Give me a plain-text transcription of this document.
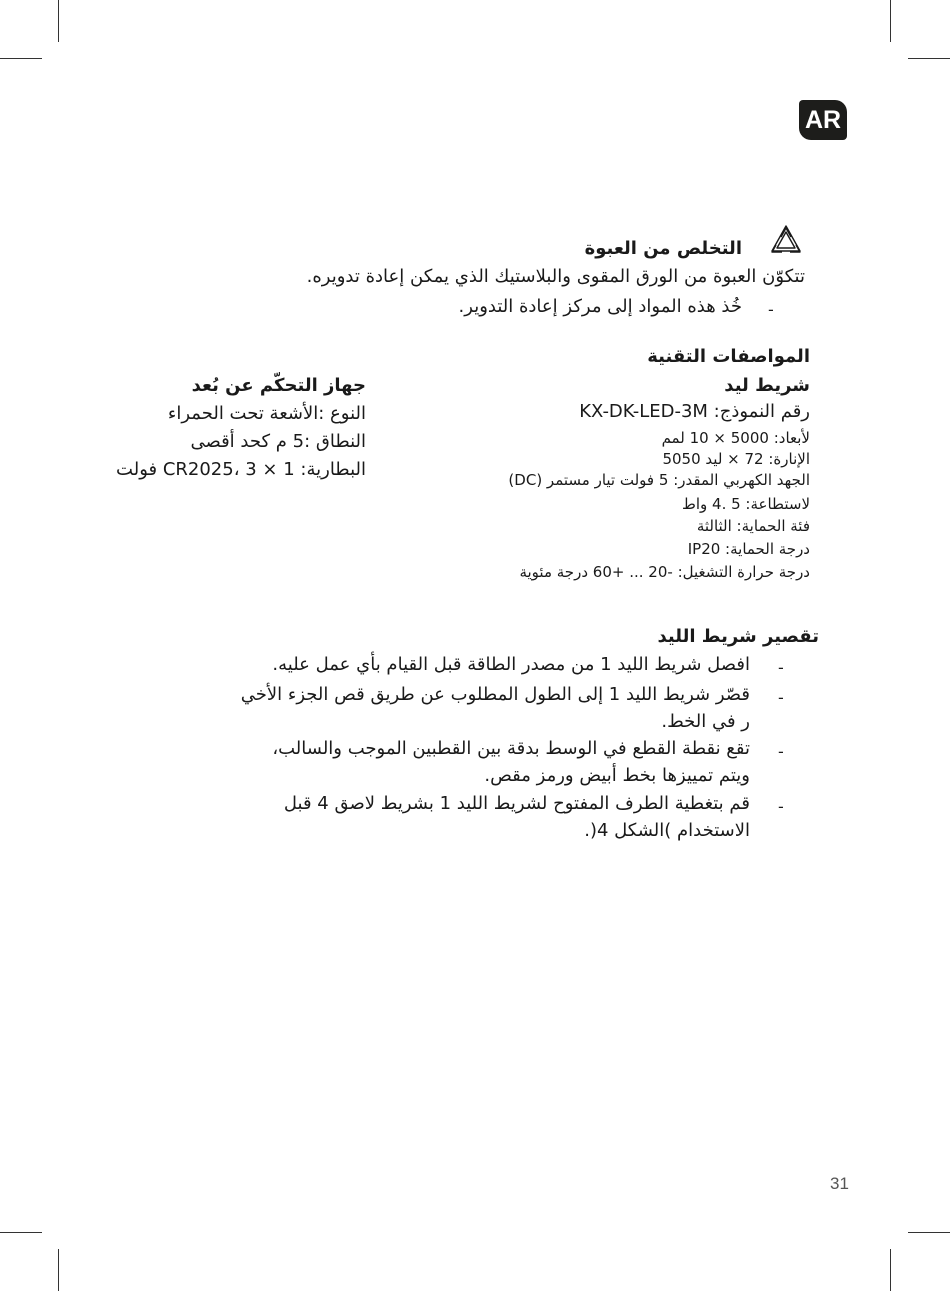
AR
التخلص من العبوة
تتكوّن العبوة من الورق المقوى والبلاستيك الذي يمكن إعادة تدويره.
خُذ هذه المواد إلى مركز إعادة التدوير. -
المواصفات التقنية
شريط ليد
رقم النموذج: KX-DK-LED-3M
لأبعاد: 5000 × 10 لمم
الإنارة: 72 × ليد 5050
الجهد الكهربي المقدر: 5 فولت تيار مستمر (DC)
لاستطاعة: 5 .4 واط
فئة الحماية: الثالثة
درجة الحماية: IP20
درجة حرارة التشغيل: -20 ... +60 درجة مئوية
جهاز التحكّم عن بُعد
النوع :الأشعة تحت الحمراء
النطاق :5 م كحد أقصى
البطارية: 1 × CR2025، 3 فولت
تقصير شريط الليد
افصل شريط الليد 1 من مصدر الطاقة قبل القيام بأي عمل عليه. -
قصّر شريط الليد 1 إلى الطول المطلوب عن طريق قص الجزء الأخي
ر في الخط.
-
تقع نقطة القطع في الوسط بدقة بين القطبين الموجب والسالب،
ويتم تمييزها بخط أبيض ورمز مقص.
-
قم بتغطية الطرف المفتوح لشريط الليد 1 بشريط لاصق 4 قبل
الاستخدام )الشكل 4(.
-
31
